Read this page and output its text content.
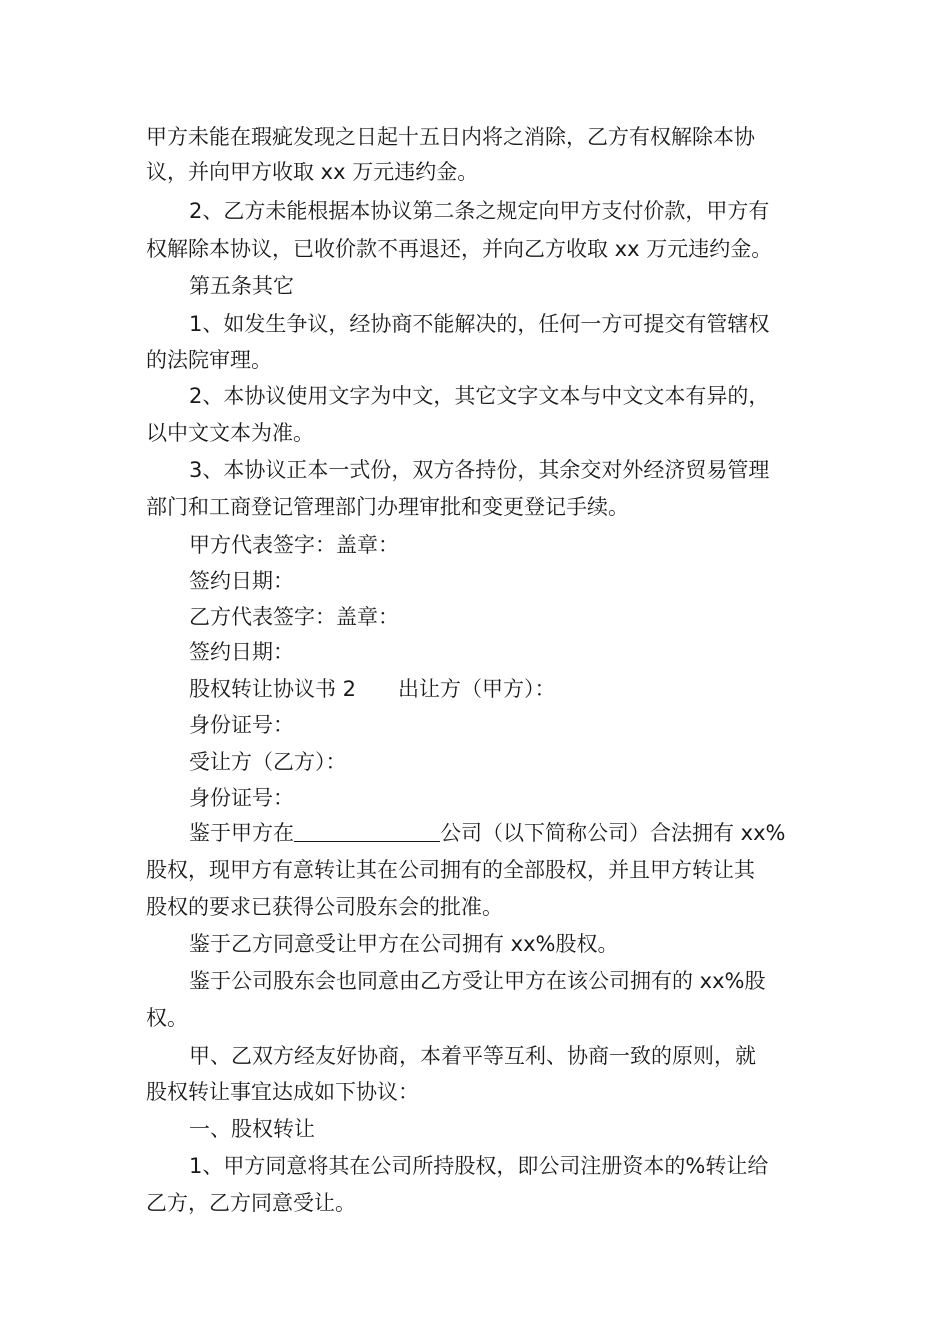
甲方未能在瑕疵发现之日起十五日内将之消除，乙方有权解除本协
议，并向甲方收取 xx 万元违约金。
2、乙方未能根据本协议第二条之规定向甲方支付价款，甲方有
权解除本协议，已收价款不再退还，并向乙方收取 xx 万元违约金。
第五条其它
1、如发生争议，经协商不能解决的，任何一方可提交有管辖权
的法院审理。
2、本协议使用文字为中文，其它文字文本与中文文本有异的，
以中文文本为准。
3、本协议正本一式份，双方各持份，其余交对外经济贸易管理
部门和工商登记管理部门办理审批和变更登记手续。
甲方代表签字：盖章：
签约日期：
乙方代表签字：盖章：
签约日期：
股权转让协议书 2 出让方（甲方）：
身份证号：
受让方（乙方）：
身份证号：
鉴于甲方在	公司（以下简称公司）合法拥有 xx%
股权，现甲方有意转让其在公司拥有的全部股权，并且甲方转让其
股权的要求已获得公司股东会的批准。
鉴于乙方同意受让甲方在公司拥有 xx%股权。
鉴于公司股东会也同意由乙方受让甲方在该公司拥有的 xx%股
权。
甲、乙双方经友好协商，本着平等互利、协商一致的原则，就
股权转让事宜达成如下协议：
一、股权转让
1、甲方同意将其在公司所持股权，即公司注册资本的%转让给
乙方，乙方同意受让。
